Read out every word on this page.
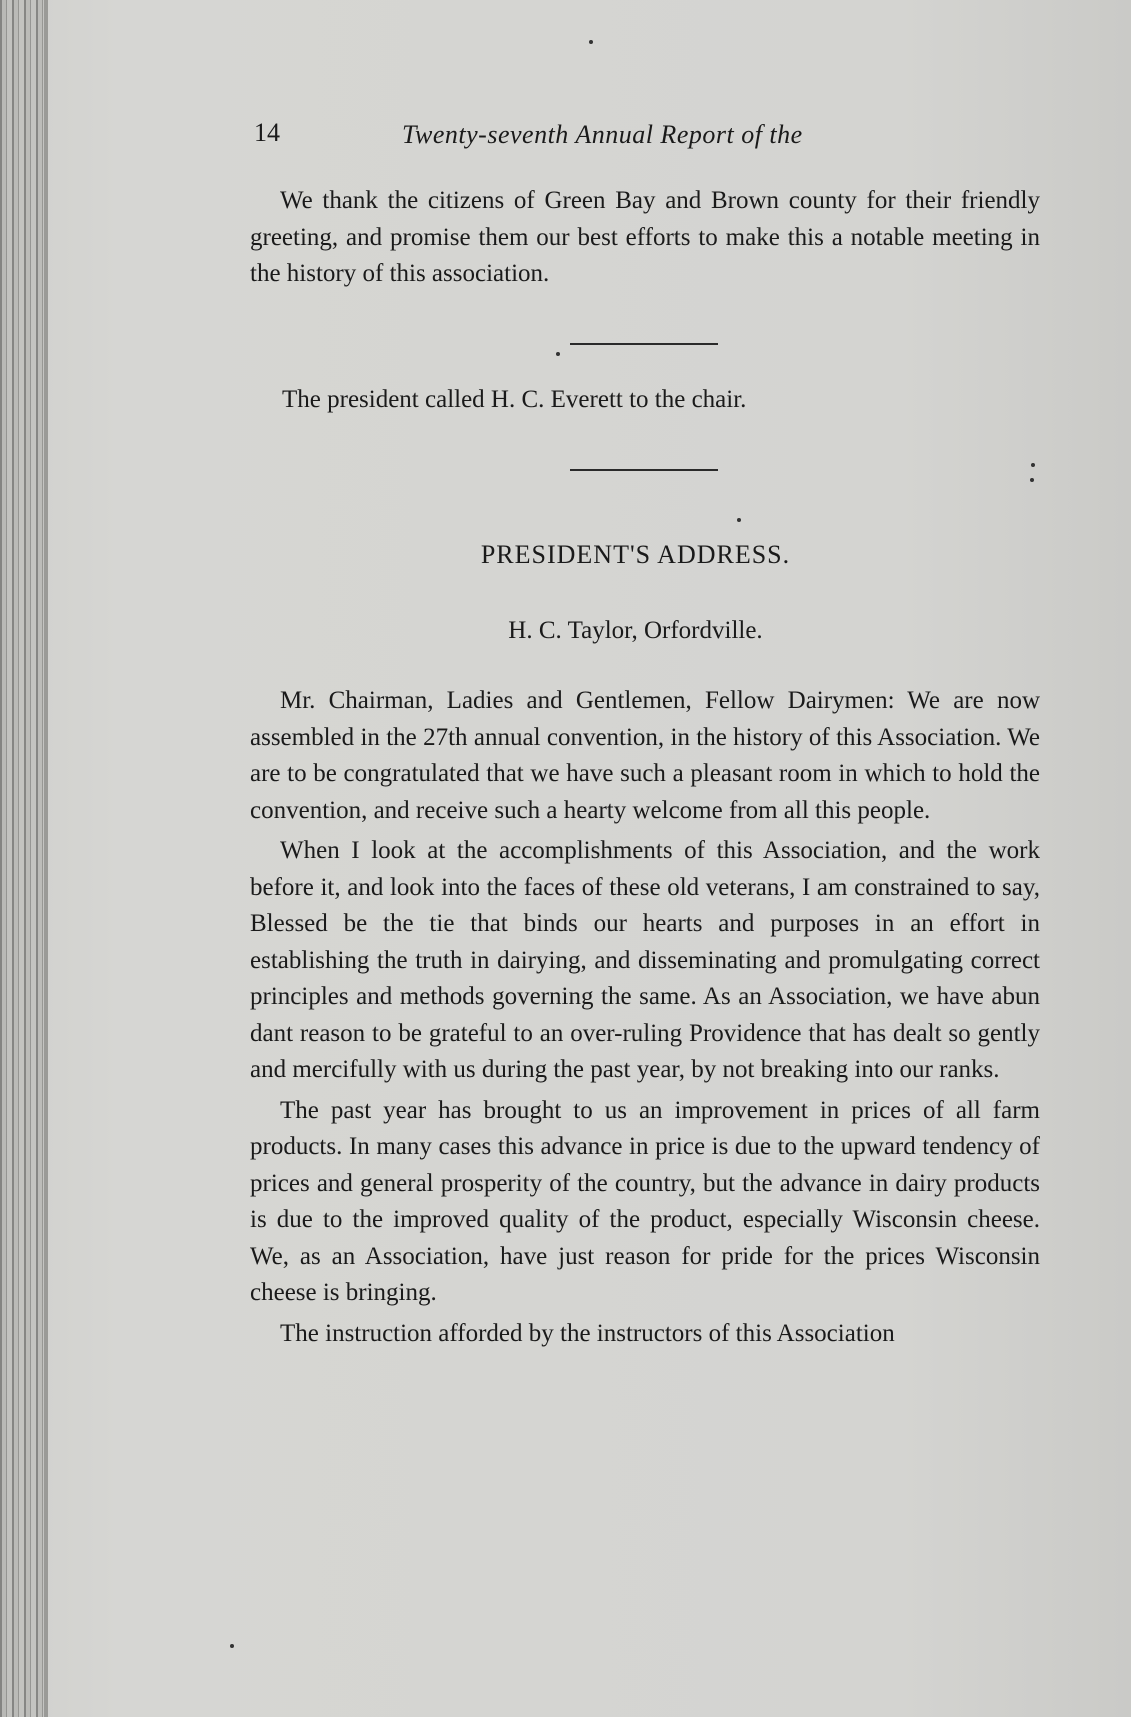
14	Twenty-seventh Annual Report of the

We thank the citizens of Green Bay and Brown county for their friendly greeting, and promise them our best efforts to make this a notable meeting in the history of this association.

The president called H. C. Everett to the chair.
PRESIDENT'S ADDRESS.
H. C. Taylor, Orfordville.

Mr. Chairman, Ladies and Gentlemen, Fellow Dairymen: We are now assembled in the 27th annual convention, in the history of this Association. We are to be congratulated that we have such a pleasant room in which to hold the convention, and receive such a hearty welcome from all this people.

When I look at the accomplishments of this Association, and the work before it, and look into the faces of these old veterans, I am constrained to say, Blessed be the tie that binds our hearts and purposes in an effort in establishing the truth in dairying, and disseminating and promulgating correct principles and methods governing the same. As an Association, we have abun dant reason to be grateful to an over-ruling Providence that has dealt so gently and mercifully with us during the past year, by not breaking into our ranks.

The past year has brought to us an improvement in prices of all farm products. In many cases this advance in price is due to the upward tendency of prices and general prosperity of the country, but the advance in dairy products is due to the improved quality of the product, especially Wisconsin cheese. We, as an Association, have just reason for pride for the prices Wisconsin cheese is bringing.

The instruction afforded by the instructors of this Association
